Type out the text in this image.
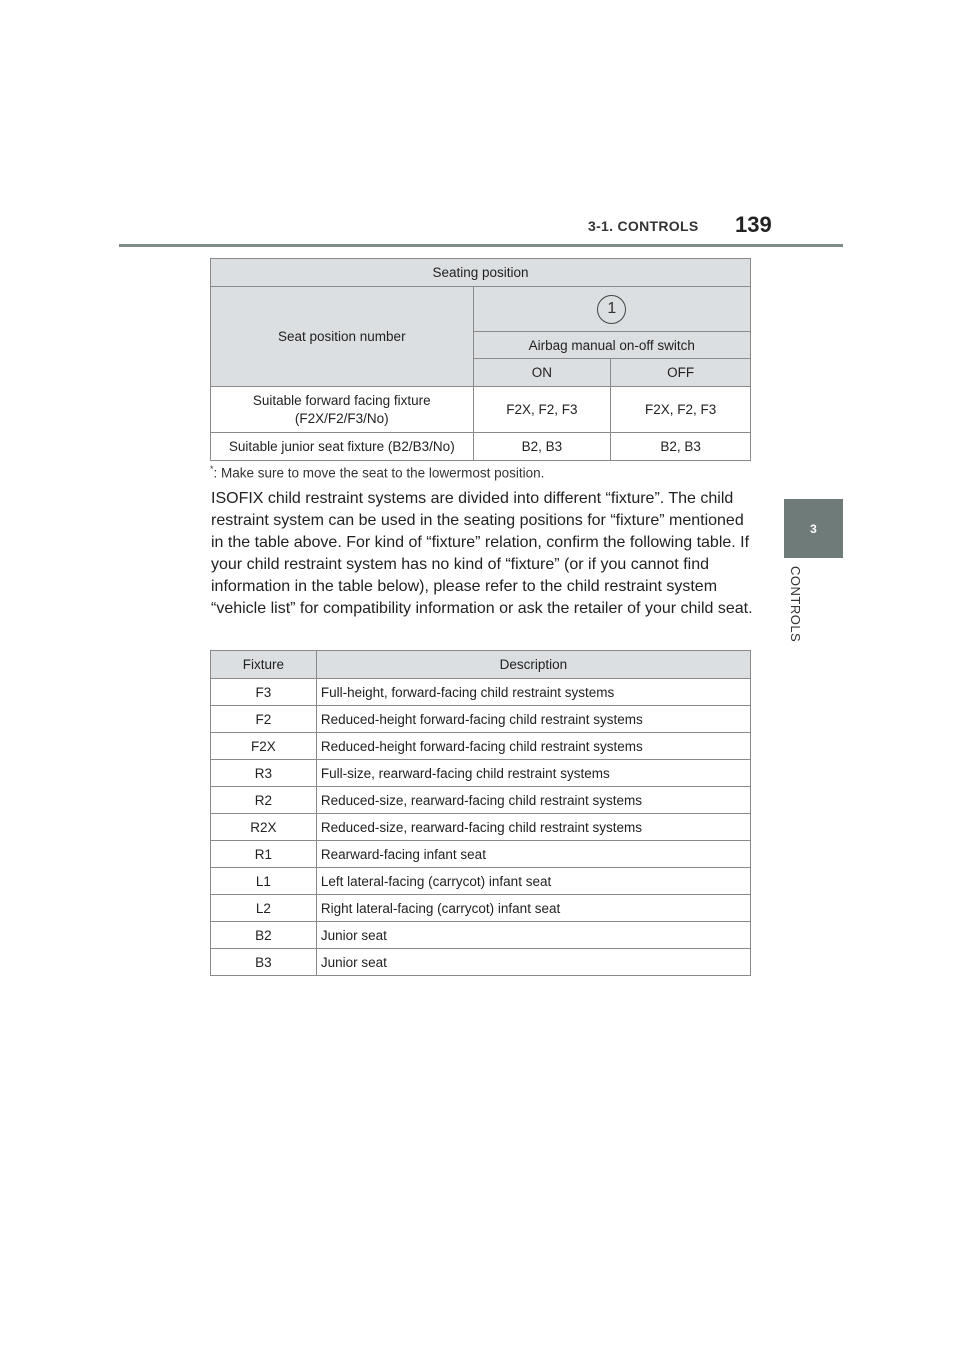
3-1. CONTROLS 139
3
CONTROLS
Seating position		
Seat position number	1	
	Airbag manual on-off switch	
	ON	OFF
Suitable forward facing fixture (F2X/F2/F3/No)	F2X, F2, F3	F2X, F2, F3
Suitable junior seat fixture (B2/B3/No)	B2, B3	B2, B3
*: Make sure to move the seat to the lowermost position.
ISOFIX child restraint systems are divided into different “fixture”. The child restraint system can be used in the seating positions for “fixture” mentioned in the table above. For kind of “fixture” relation, confirm the following table. If your child restraint system has no kind of “fixture” (or if you cannot find information in the table below), please refer to the child restraint system “vehicle list” for compatibility information or ask the retailer of your child seat.
Fixture	Description
F3	Full-height, forward-facing child restraint systems
F2	Reduced-height forward-facing child restraint systems
F2X	Reduced-height forward-facing child restraint systems
R3	Full-size, rearward-facing child restraint systems
R2	Reduced-size, rearward-facing child restraint systems
R2X	Reduced-size, rearward-facing child restraint systems
R1	Rearward-facing infant seat
L1	Left lateral-facing (carrycot) infant seat
L2	Right lateral-facing (carrycot) infant seat
B2	Junior seat
B3	Junior seat
